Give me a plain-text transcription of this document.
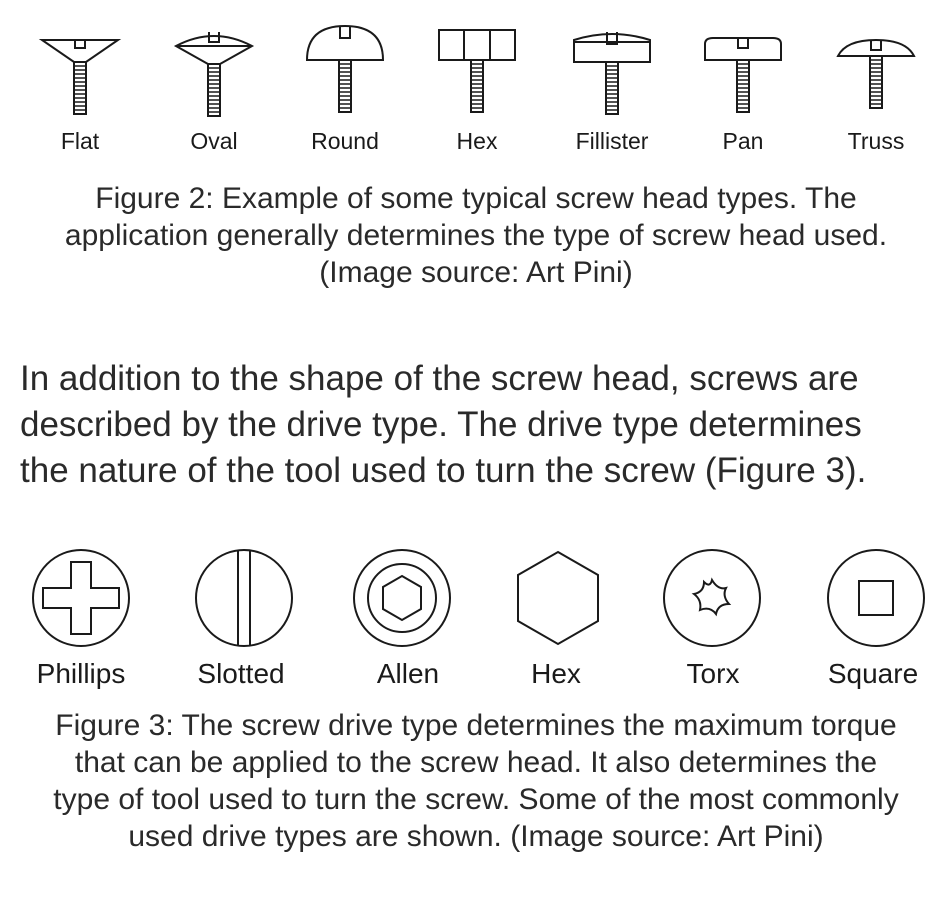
Flat	Oval	Round	Hex	Fillister	Pan	Truss
Figure 2: Example of some typical screw head types. The
application generally determines the type of screw head used.
(Image source: Art Pini)
In addition to the shape of the screw head, screws are
described by the drive type. The drive type determines
the nature of the tool used to turn the screw (Figure 3).
Phillips	Slotted	Allen	Hex	Torx	Square
Figure 3: The screw drive type determines the maximum torque
that can be applied to the screw head. It also determines the
type of tool used to turn the screw. Some of the most commonly
used drive types are shown. (Image source: Art Pini)
